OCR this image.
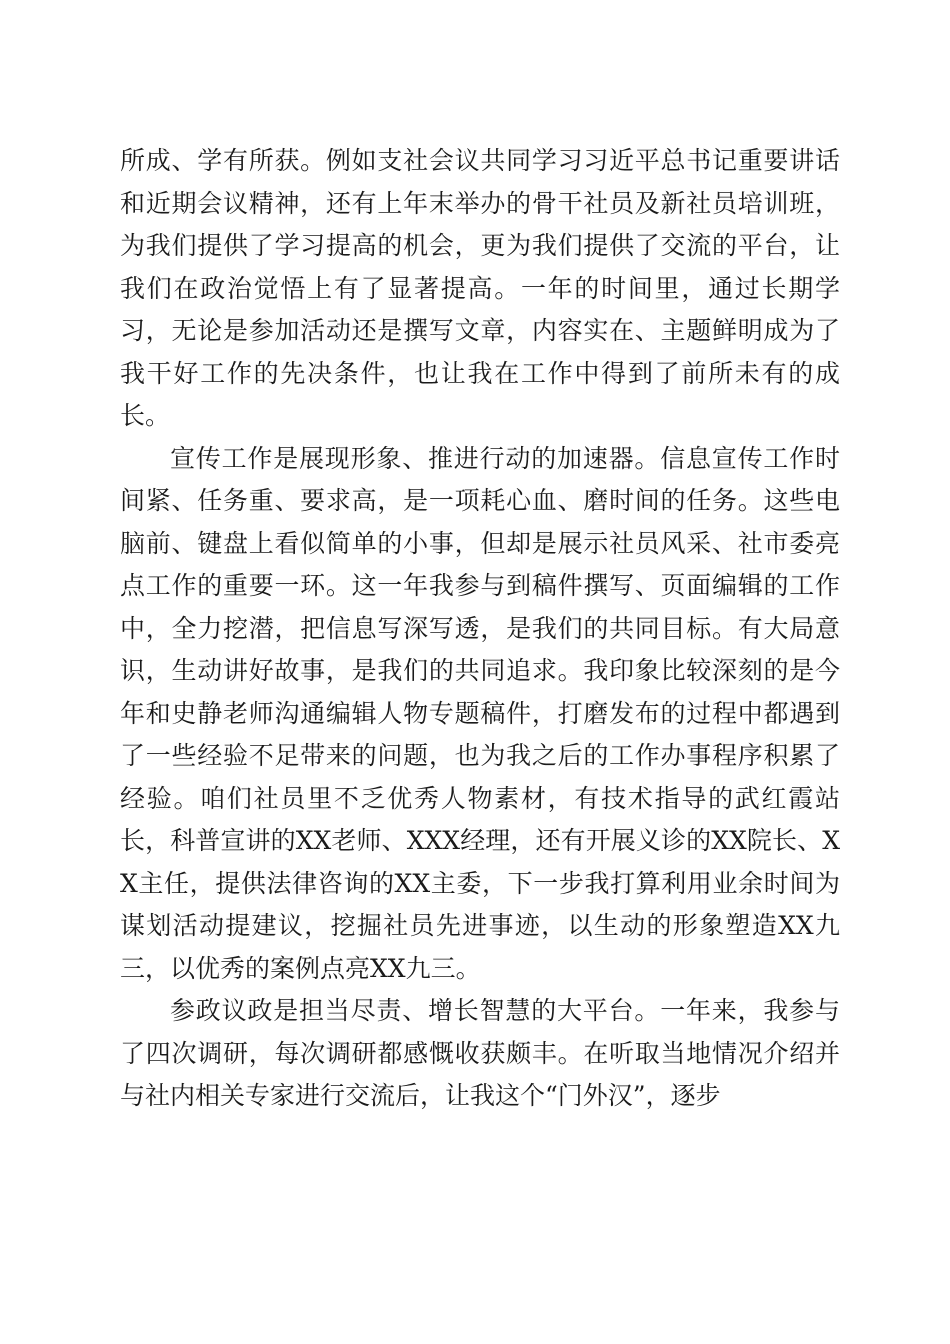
所成、学有所获。例如支社会议共同学习习近平总书记重要讲话和近期会议精神，还有上年末举办的骨干社员及新社员培训班，为我们提供了学习提高的机会，更为我们提供了交流的平台，让我们在政治觉悟上有了显著提高。一年的时间里，通过长期学习，无论是参加活动还是撰写文章，内容实在、主题鲜明成为了我干好工作的先决条件，也让我在工作中得到了前所未有的成长。

宣传工作是展现形象、推进行动的加速器。信息宣传工作时间紧、任务重、要求高，是一项耗心血、磨时间的任务。这些电脑前、键盘上看似简单的小事，但却是展示社员风采、社市委亮点工作的重要一环。这一年我参与到稿件撰写、页面编辑的工作中，全力挖潜，把信息写深写透，是我们的共同目标。有大局意识，生动讲好故事，是我们的共同追求。我印象比较深刻的是今年和史静老师沟通编辑人物专题稿件，打磨发布的过程中都遇到了一些经验不足带来的问题，也为我之后的工作办事程序积累了经验。咱们社员里不乏优秀人物素材，有技术指导的武红霞站长，科普宣讲的XX老师、XXX经理，还有开展义诊的XX院长、XX主任，提供法律咨询的XX主委，下一步我打算利用业余时间为谋划活动提建议，挖掘社员先进事迹，以生动的形象塑造XX九三，以优秀的案例点亮XX九三。

参政议政是担当尽责、增长智慧的大平台。一年来，我参与了四次调研，每次调研都感慨收获颇丰。在听取当地情况介绍并与社内相关专家进行交流后，让我这个“门外汉”，逐步
